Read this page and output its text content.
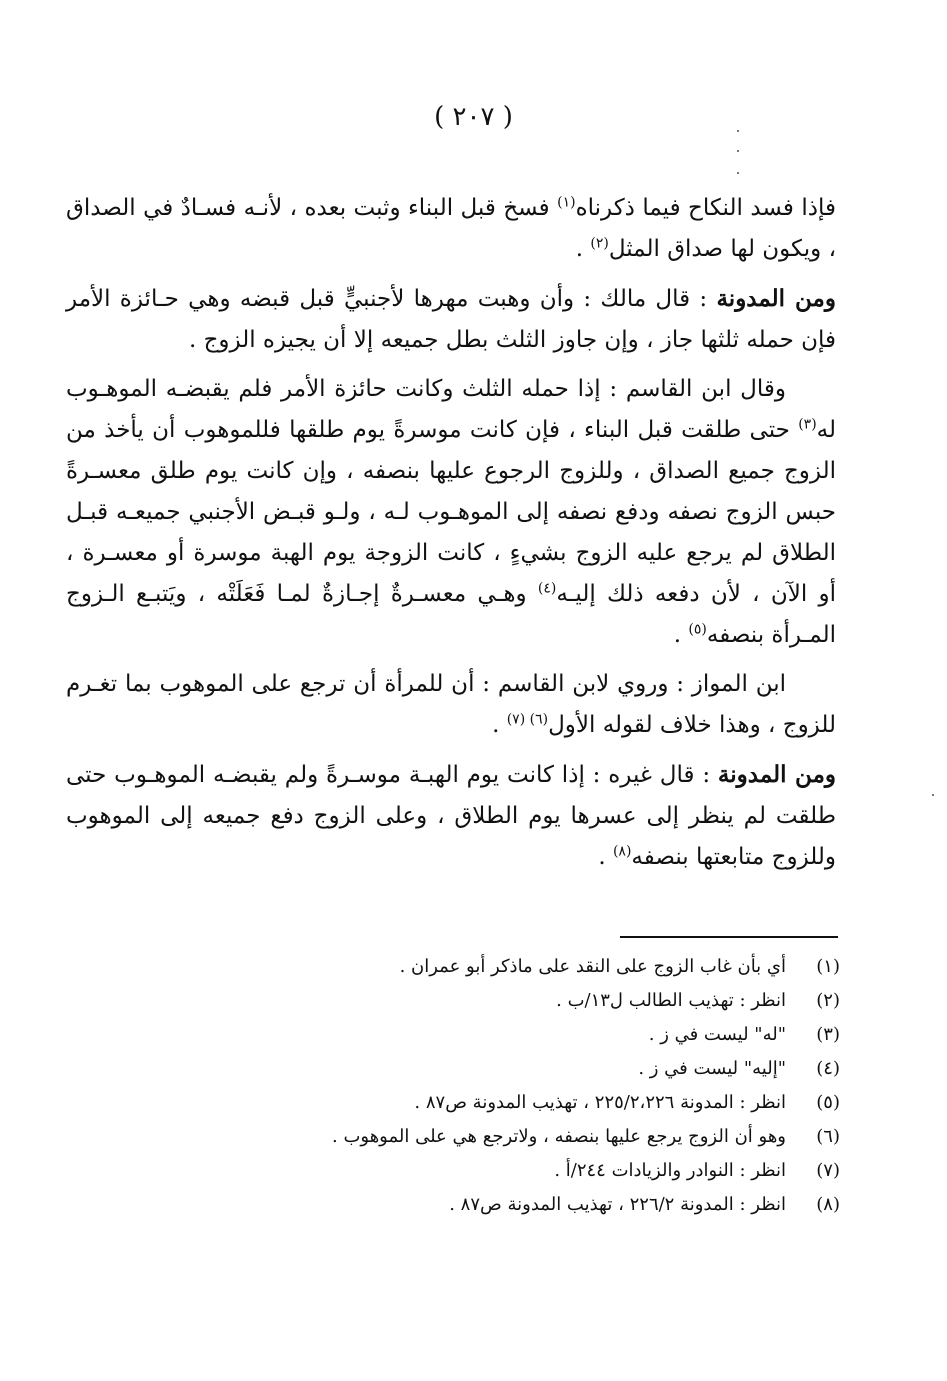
( ٢٠٧ )

فإذا فسد النكاح فيما ذكرناه$^{(١)}$ فسخ قبل البناء وثبت بعده ، لأنـه فسـادٌ في الصداق ، ويكون لها صداق المثل$^{(٢)}$ .

ومن المدونة : قال مالك : وأن وهبت مهرها لأجنبيٍّ قبل قبضه وهي حـائزة الأمر فإن حمله ثلثها جاز ، وإن جاوز الثلث بطل جميعه إلا أن يجيزه الزوج .

وقال ابن القاسم : إذا حمله الثلث وكانت حائزة الأمر فلم يقبضـه الموهـوب له$^{(٣)}$ حتى طلقت قبل البناء ، فإن كانت موسرةً يوم طلقها فللموهوب أن يأخذ من الزوج جميع الصداق ، وللزوج الرجوع عليها بنصفه ، وإن كانت يوم طلق معسـرةً حبس الزوج نصفه ودفع نصفه إلى الموهـوب لـه ، ولـو قبـض الأجنبي جميعـه قبـل الطلاق لم يرجع عليه الزوج بشيءٍ ، كانت الزوجة يوم الهبة موسرة أو معسـرة ، أو الآن ، لأن دفعه ذلك إليـه$^{(٤)}$ وهـي معسـرةٌ إجـازةٌ لمـا فَعَلَتْه ، ويَتبـع الـزوج المـرأة بنصفه$^{(٥)}$ .

ابن المواز : وروي لابن القاسم : أن للمرأة أن ترجع على الموهوب بما تغـرم للزوج ، وهذا خلاف لقوله الأول$^{(٦) (٧)}$ .

ومن المدونة : قال غيره : إذا كانت يوم الهبـة موسـرةً ولم يقبضـه الموهـوب حتى طلقت لم ينظر إلى عسرها يوم الطلاق ، وعلى الزوج دفع جميعه إلى الموهوب وللزوج متابعتها بنصفه$^{(٨)}$ .

(١)
أي بأن غاب الزوج على النقد على ماذكر أبو عمران .
(٢)
انظر : تهذيب الطالب ل١٣/ب .
(٣)
"له" ليست في ز .
(٤)
"إليه" ليست في ز .
(٥)
انظر : المدونة ٢٢٥/٢،٢٢٦ ، تهذيب المدونة ص٨٧ .
(٦)
وهو أن الزوج يرجع عليها بنصفه ، ولاترجع هي على الموهوب .
(٧)
انظر : النوادر والزيادات ٢٤٤/أ .
(٨)
انظر : المدونة ٢٢٦/٢ ، تهذيب المدونة ص٨٧ .
